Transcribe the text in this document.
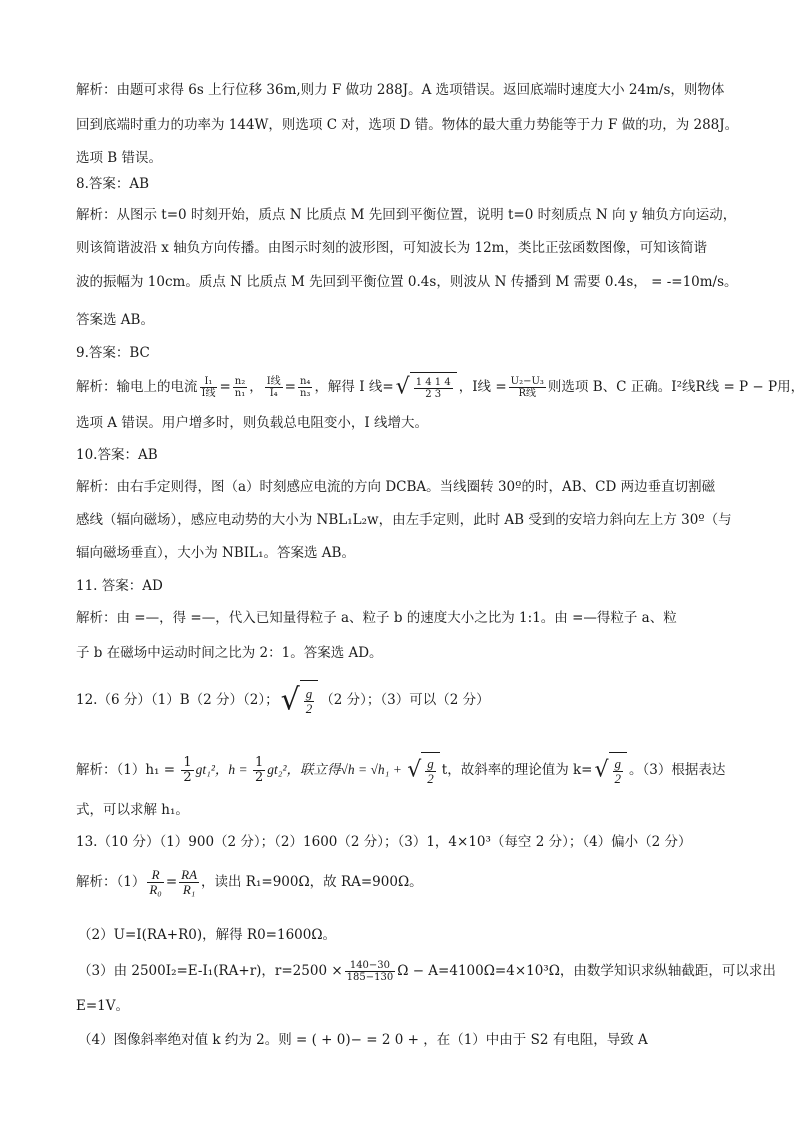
解析：由题可求得 6s 上行位移 36m,则力 F 做功 288J。A 选项错误。返回底端时速度大小 24m/s，则物体
回到底端时重力的功率为 144W，则选项 C 对，选项 D 错。物体的最大重力势能等于力 F 做的功，为 288J。
选项 B 错误。
8.答案：AB
解析：从图示 t=0 时刻开始，质点 N 比质点 M 先回到平衡位置，说明 t=0 时刻质点 N 向 y 轴负方向运动，
则该简谐波沿 x 轴负方向传播。由图示时刻的波形图，可知波长为 12m，类比正弦函数图像，可知该简谐
波的振幅为 10cm。质点 N 比质点 M 先回到平衡位置 0.4s，则波从 N 传播到 M 需要 0.4s， = -=10m/s。
答案选 AB。
9.答案：BC
解析：输电上的电流 $\frac{\text{I₁}}{\text{I线}} = \frac{\text{n₂}}{\text{n₁}}$ ， $\frac{\text{I线}}{\text{I₄}} = \frac{\text{n₄}}{\text{n₃}}$ ，解得 I 线=√ $\frac{1 4 1 4}{2 3}$ ，I线 = $\frac{\text{U₂−U₃}}{\text{R线}}$ 则选项 B、C 正确。I²线R线 = P − P用，
选项 A 错误。用户增多时，则负载总电阻变小，I 线增大。
10.答案：AB
解析：由右手定则得，图（a）时刻感应电流的方向 DCBA。当线圈转 30º的时，AB、CD 两边垂直切割磁
感线（辐向磁场），感应电动势的大小为 NBL₁L₂w，由左手定则，此时 AB 受到的安培力斜向左上方 30º（与
辐向磁场垂直），大小为 NBIL₁。答案选 AB。
11. 答案：AD
解析：由 =—，得 =—，代入已知量得粒子 a、粒子 b 的速度大小之比为 1:1。由 =—得粒子 a、粒
子 b 在磁场中运动时间之比为 2：1。答案选 AD。
12.（6 分）（1）B（2 分）（2）；√ $\frac{g}{2} (2$ 分）；（3）可以（2 分）
解析：$(1)h_1 = \frac{1}{2} gt_1^2$，$h = \frac{1}{2} gt_2^2$，联立得√h = √h₁ + √ $\frac{g}{2}$ t，故斜率的理论值为 $k=√ \frac{g}{2}$ 。（3）根据表达
式，可以求解 h₁。
13.（10 分）（1）900（2 分）；（2）1600（2 分）；（3）1，4×10³（每空 2 分）；（4）偏小（2 分）
解析：$(1) \frac{R}{\text{R₀}} = \frac{RA}{\text{R₁}}$ ，读出 R₁=900Ω，故 RA=900Ω。
（2）U=I(RA+R0)，解得 R0=1600Ω。
（3）由 2500I₂=E-I₁(RA+r)，$r=2500 \times \frac{140-30}{185-130}$ Ω − A=4100Ω=4×10³Ω，由数学知识求纵轴截距，可以求出
E=1V。
（4）图像斜率绝对值 k 约为 2。则 = ( + 0)− = 2 0 + ，在（1）中由于 S2 有电阻，导致 A
